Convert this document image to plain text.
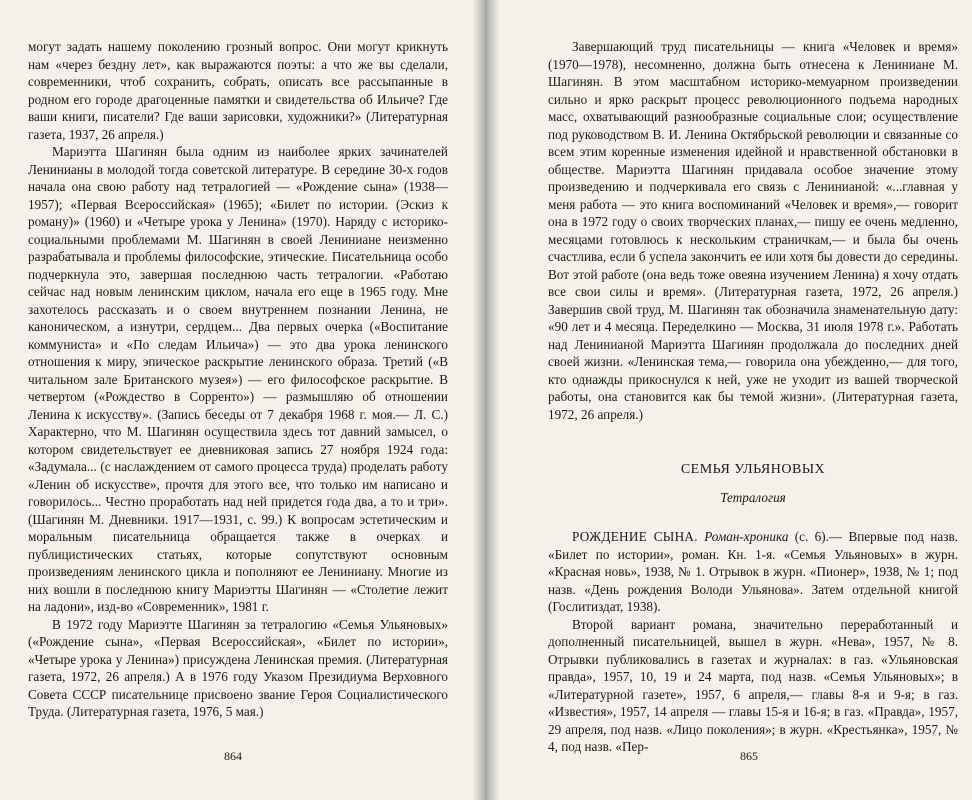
могут задать нашему поколению грозный вопрос. Они могут крикнуть нам «через бездну лет», как выражаются поэты: а что же вы сделали, современники, чтоб сохранить, собрать, описать все рассыпанные в родном его городе драгоценные памятки и свидетельства об Ильиче? Где ваши книги, писатели? Где ваши зарисовки, художники?» (Литературная газета, 1937, 26 апреля.)

Мариэтта Шагинян была одним из наиболее ярких зачинателей Ленинианы в молодой тогда советской литературе. В середине 30-х годов начала она свою работу над тетралогией — «Рождение сына» (1938—1957); «Первая Всероссийская» (1965); «Билет по истории. (Эскиз к роману)» (1960) и «Четыре урока у Ленина» (1970). Наряду с историко-социальными проблемами М. Шагинян в своей Лениниане неизменно разрабатывала и проблемы философские, этические. Писательница особо подчеркнула это, завершая последнюю часть тетралогии. «Работаю сейчас над новым ленинским циклом, начала его еще в 1965 году. Мне захотелось рассказать и о своем внутреннем познании Ленина, не каноническом, а изнутри, сердцем... Два первых очерка («Воспитание коммуниста» и «По следам Ильича») — это два урока ленинского отношения к миру, эпическое раскрытие ленинского образа. Третий («В читальном зале Британского музея») — его философское раскрытие. В четвертом («Рождество в Сорренто») — размышляю об отношении Ленина к искусству». (Запись беседы от 7 декабря 1968 г. моя.— Л. С.) Характерно, что М. Шагинян осуществила здесь тот давний замысел, о котором свидетельствует ее дневниковая запись 27 ноября 1924 года: «Задумала... (с наслаждением от самого процесса труда) проделать работу «Ленин об искусстве», прочтя для этого все, что только им написано и говорилось... Честно проработать над ней придется года два, а то и три». (Шагинян М. Дневники. 1917—1931, с. 99.) К вопросам эстетическим и моральным писательница обращается также в очерках и публицистических статьях, которые сопутствуют основным произведениям ленинского цикла и пополняют ее Лениниану. Многие из них вошли в последнюю книгу Мариэтты Шагинян — «Столетие лежит на ладони», изд-во «Современник», 1981 г.

В 1972 году Мариэтте Шагинян за тетралогию «Семья Ульяновых» («Рождение сына», «Первая Всероссийская», «Билет по истории», «Четыре урока у Ленина») присуждена Ленинская премия. (Литературная газета, 1972, 26 апреля.) А в 1976 году Указом Президиума Верховного Совета СССР писательнице присвоено звание Героя Социалистического Труда. (Литературная газета, 1976, 5 мая.)

864

Завершающий труд писательницы — книга «Человек и время» (1970—1978), несомненно, должна быть отнесена к Лениниане М. Шагинян. В этом масштабном историко-мемуарном произведении сильно и ярко раскрыт процесс революционного подъема народных масс, охватывающий разнообразные социальные слои; осуществление под руководством В. И. Ленина Октябрьской революции и связанные со всем этим коренные изменения идейной и нравственной обстановки в обществе. Мариэтта Шагинян придавала особое значение этому произведению и подчеркивала его связь с Ленинианой: «...главная у меня работа — это книга воспоминаний «Человек и время»,— говорит она в 1972 году о своих творческих планах,— пишу ее очень медленно, месяцами готовлюсь к нескольким страничкам,— и была бы очень счастлива, если б успела закончить ее или хотя бы довести до середины. Вот этой работе (она ведь тоже овеяна изучением Ленина) я хочу отдать все свои силы и время». (Литературная газета, 1972, 26 апреля.) Завершив свой труд, М. Шагинян так обозначила знаменательную дату: «90 лет и 4 месяца. Переделкино — Москва, 31 июля 1978 г.». Работать над Ленинианой Мариэтта Шагинян продолжала до последних дней своей жизни. «Ленинская тема,— говорила она убежденно,— для того, кто однажды прикоснулся к ней, уже не уходит из вашей творческой работы, она становится как бы темой жизни». (Литературная газета, 1972, 26 апреля.)

СЕМЬЯ УЛЬЯНОВЫХ
Тетралогия

РОЖДЕНИЕ СЫНА. Роман-хроника (с. 6).— Впервые под назв. «Билет по истории», роман. Кн. 1-я. «Семья Ульяновых» в журн. «Красная новь», 1938, № 1. Отрывок в журн. «Пионер», 1938, № 1; под назв. «День рождения Володи Ульянова». Затем отдельной книгой (Гослитиздат, 1938).

Второй вариант романа, значительно переработанный и дополненный писательницей, вышел в журн. «Нева», 1957, № 8. Отрывки публиковались в газетах и журналах: в газ. «Ульяновская правда», 1957, 10, 19 и 24 марта, под назв. «Семья Ульяновых»; в «Литературной газете», 1957, 6 апреля,— главы 8-я и 9-я; в газ. «Известия», 1957, 14 апреля — главы 15-я и 16-я; в газ. «Правда», 1957, 29 апреля, под назв. «Лицо поколения»; в журн. «Крестьянка», 1957, № 4, под назв. «Пер-

865
